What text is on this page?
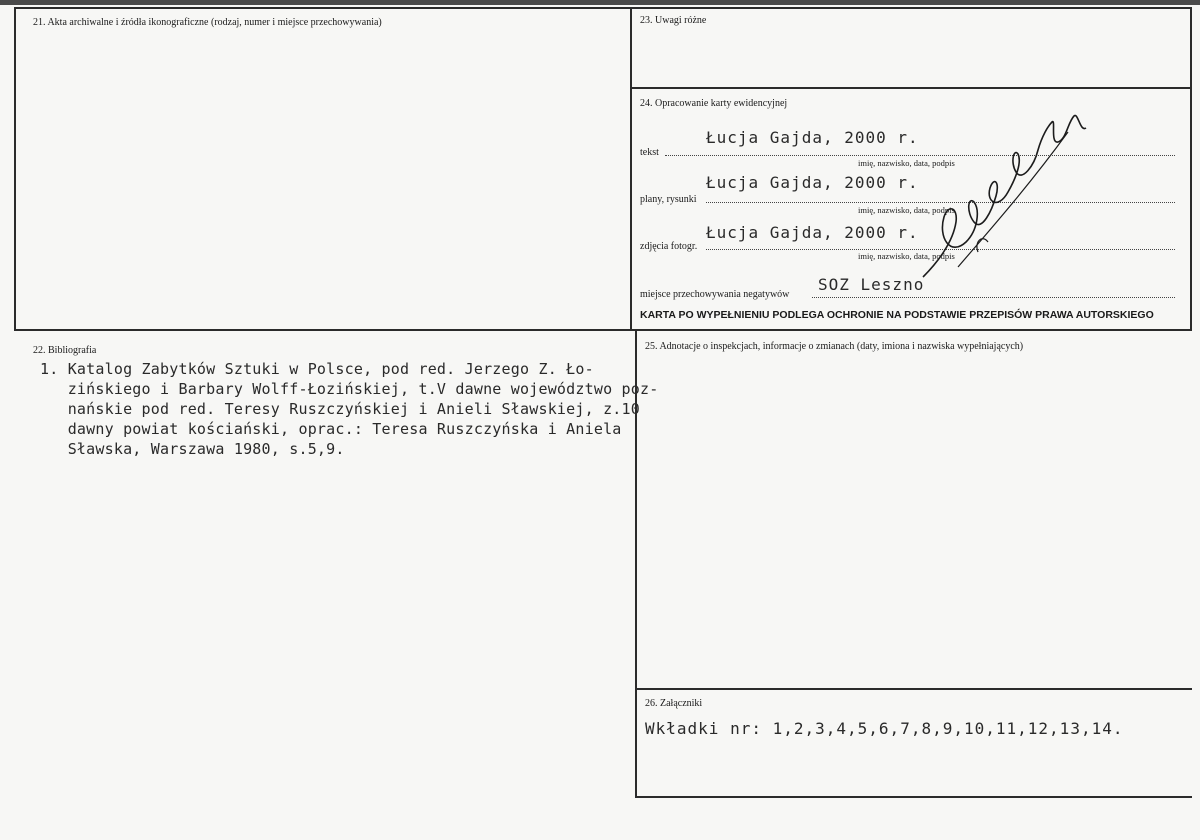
21. Akta archiwalne i źródła ikonograficzne (rodzaj, numer i miejsce przechowywania)
22. Bibliografia
1. Katalog Zabytków Sztuki w Polsce, pod red. Jerzego Z. Ło-
zińskiego i Barbary Wolff-Łozińskiej, t.V dawne województwo poz-
nańskie pod red. Teresy Ruszczyńskiej i Anieli Sławskiej, z.10
dawny powiat kościański, oprac.: Teresa Ruszczyńska i Aniela
Sławska, Warszawa 1980, s.5,9.
23. Uwagi różne
24. Opracowanie karty ewidencyjnej
Łucja Gajda, 2000 r.
tekst
imię, nazwisko, data, podpis
Łucja Gajda, 2000 r.
plany, rysunki
imię, nazwisko, data, podpis
Łucja Gajda, 2000 r.
zdjęcia fotogr.
imię, nazwisko, data, podpis
SOZ Leszno
miejsce przechowywania negatywów
KARTA PO WYPEŁNIENIU PODLEGA OCHRONIE NA PODSTAWIE PRZEPISÓW PRAWA AUTORSKIEGO
25. Adnotacje o inspekcjach, informacje o zmianach (daty, imiona i nazwiska wypełniających)
26. Załączniki
Wkładki nr: 1,2,3,4,5,6,7,8,9,10,11,12,13,14.
